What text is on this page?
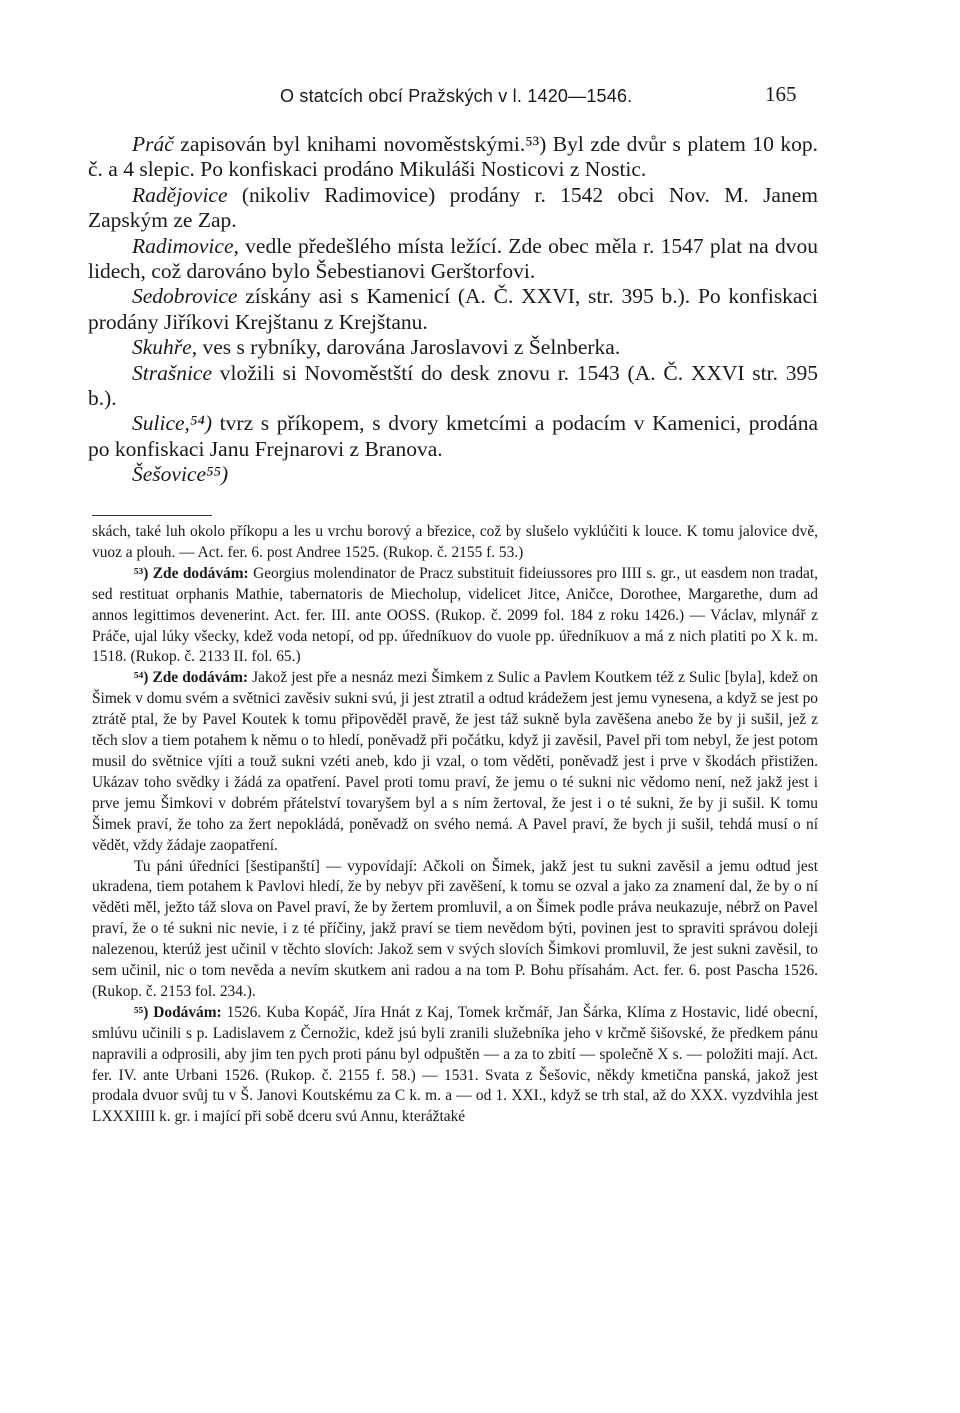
O statcích obcí Pražských v l. 1420—1546.	165

Práč zapisován byl knihami novoměstskými.⁵³) Byl zde dvůr s platem 10 kop. č. a 4 slepic. Po konfiskaci prodáno Mikuláši Nosticovi z Nostic.

Radějovice (nikoliv Radimovice) prodány r. 1542 obci Nov. M. Janem Zapským ze Zap.

Radimovice, vedle předešlého místa ležící. Zde obec měla r. 1547 plat na dvou lidech, což darováno bylo Šebestianovi Gerštorfovi.

Sedobrovice získány asi s Kamenicí (A. Č. XXVI, str. 395 b.). Po konfiskaci prodány Jiříkovi Krejštanu z Krejštanu.

Skuhře, ves s rybníky, darována Jaroslavovi z Šelnberka.

Strašnice vložili si Novoměstští do desk znovu r. 1543 (A. Č. XXVI str. 395 b.).

Sulice,⁵⁴) tvrz s příkopem, s dvory kmetcími a podacím v Kamenici, prodána po konfiskaci Janu Frejnarovi z Branova.

Šešovice⁵⁵)

skách, také luh okolo příkopu a les u vrchu borový a březice, což by slušelo vyklúčiti k louce. K tomu jalovice dvě, vuoz a plouh. — Act. fer. 6. post Andree 1525. (Rukop. č. 2155 f. 53.)

⁵³) Zde dodávám: Georgius molendinator de Pracz substituit fideiussores pro IIII s. gr., ut easdem non tradat, sed restituat orphanis Mathie, tabernatoris de Miecholup, videlicet Jitce, Aničce, Dorothee, Margarethe, dum ad annos legittimos devenerint. Act. fer. III. ante OOSS. (Rukop. č. 2099 fol. 184 z roku 1426.) — Václav, mlynář z Práče, ujal lúky všecky, kdež voda netopí, od pp. úředníkuov do vuole pp. úředníkuov a má z nich platiti po X k. m. 1518. (Rukop. č. 2133 II. fol. 65.)

⁵⁴) Zde dodávám: Jakož jest pře a nesnáz mezi Šimkem z Sulic a Pavlem Koutkem též z Sulic [byla], kdež on Šimek v domu svém a světnici zavěsiv sukni svú, ji jest ztratil a odtud krádežem jest jemu vynesena, a když se jest po ztrátě ptal, že by Pavel Koutek k tomu připověděl pravě, že jest táž sukně byla zavěšena anebo že by ji sušil, jež z těch slov a tiem potahem k němu o to hledí, poněvadž při počátku, když ji zavěsil, Pavel při tom nebyl, že jest potom musil do světnice vjíti a touž sukni vzéti aneb, kdo ji vzal, o tom věděti, poněvadž jest i prve v škodách přistižen. Ukázav toho svědky i žádá za opatření. Pavel proti tomu praví, že jemu o té sukni nic vědomo není, než jakž jest i prve jemu Šimkovi v dobrém přátelství tovaryšem byl a s ním žertoval, že jest i o té sukni, že by ji sušil. K tomu Šimek praví, že toho za žert nepokládá, poněvadž on svého nemá. A Pavel praví, že bych ji sušil, tehdá musí o ní vědět, vždy žádaje zaopatření.

Tu páni úředníci [šestipanští] — vypovídají: Ačkoli on Šimek, jakž jest tu sukni zavěsil a jemu odtud jest ukradena, tiem potahem k Pavlovi hledí, že by nebyv při zavěšení, k tomu se ozval a jako za znamení dal, že by o ní věděti měl, ježto táž slova on Pavel praví, že by žertem promluvil, a on Šimek podle práva neukazuje, nébrž on Pavel praví, že o té sukni nic nevie, i z té příčiny, jakž praví se tiem nevědom býti, povinen jest to spraviti správou doleji nalezenou, kterúž jest učinil v těchto slovích: Jakož sem v svých slovích Šimkovi promluvil, že jest sukni zavěsil, to sem učinil, nic o tom nevěda a nevím skutkem ani radou a na tom P. Bohu přísahám. Act. fer. 6. post Pascha 1526. (Rukop. č. 2153 fol. 234.).

⁵⁵) Dodávám: 1526. Kuba Kopáč, Jíra Hnát z Kaj, Tomek krčmář, Jan Šárka, Klíma z Hostavic, lidé obecní, smlúvu učinili s p. Ladislavem z Černožic, kdež jsú byli zranili služebníka jeho v krčmě šišovské, že předkem pánu napravili a odprosili, aby jim ten pych proti pánu byl odpuštěn — a za to zbití — společně X s. — položiti mají. Act. fer. IV. ante Urbani 1526. (Rukop. č. 2155 f. 58.) — 1531. Svata z Šešovic, někdy kmetična panská, jakož jest prodala dvuor svůj tu v Š. Janovi Koutskému za C k. m. a — od 1. XXI., když se trh stal, až do XXX. vyzdvihla jest LXXXIIII k. gr. i mající při sobě dceru svú Annu, kterážtaké
